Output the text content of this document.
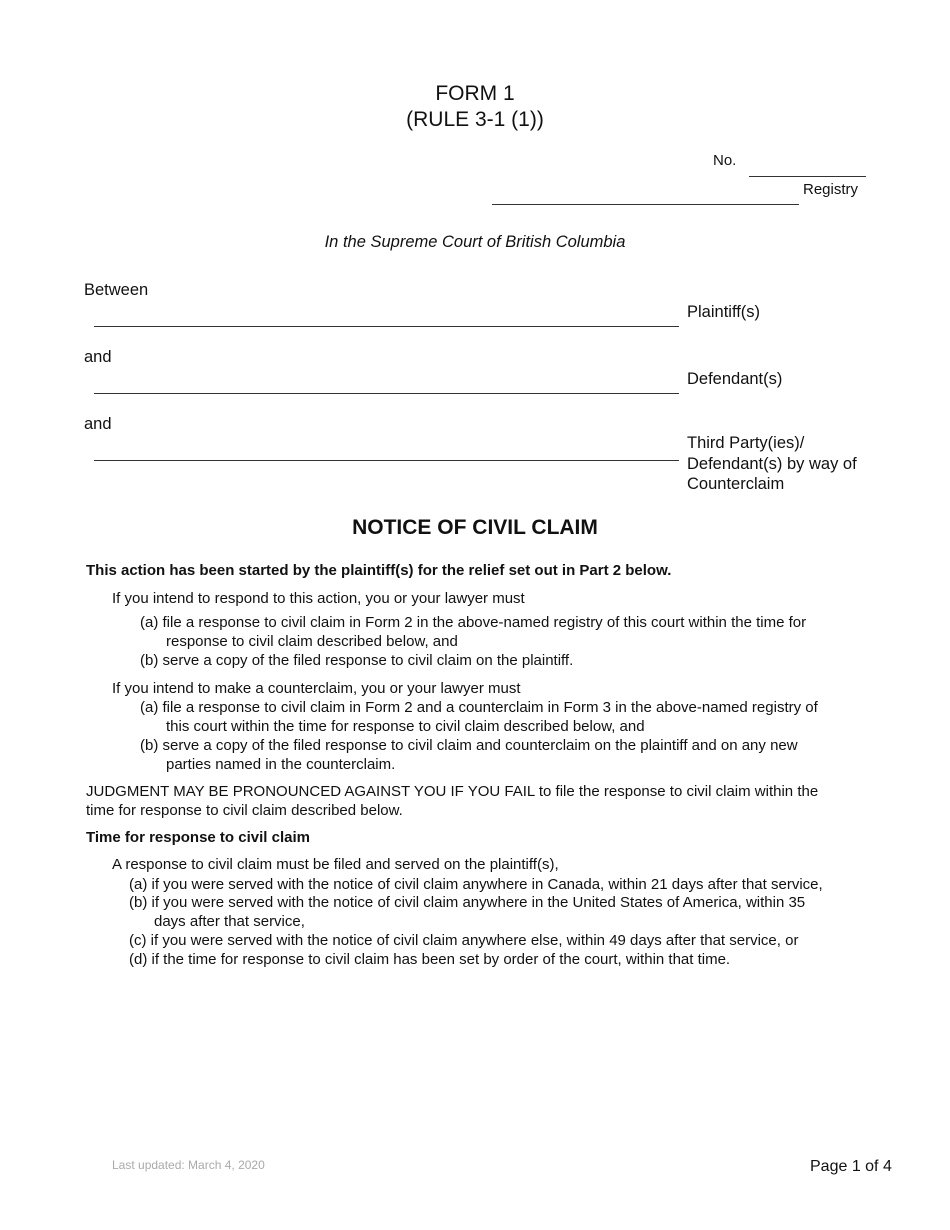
FORM 1
(RULE 3-1 (1))
No.
Registry
In the Supreme Court of British Columbia
Between
Plaintiff(s)
and
Defendant(s)
and
Third Party(ies)/
Defendant(s) by way of
Counterclaim
NOTICE OF CIVIL CLAIM
This action has been started by the plaintiff(s) for the relief set out in Part 2 below.
If you intend to respond to this action, you or your lawyer must
(a) file a response to civil claim in Form 2 in the above-named registry of this court within the time for
response to civil claim described below, and
(b) serve a copy of the filed response to civil claim on the plaintiff.
If you intend to make a counterclaim, you or your lawyer must
(a) file a response to civil claim in Form 2 and a counterclaim in Form 3 in the above-named registry of
this court within the time for response to civil claim described below, and
(b) serve a copy of the filed response to civil claim and counterclaim on the plaintiff and on any new
parties named in the counterclaim.
JUDGMENT MAY BE PRONOUNCED AGAINST YOU IF YOU FAIL to file the response to civil claim within the
time for response to civil claim described below.
Time for response to civil claim
A response to civil claim must be filed and served on the plaintiff(s),
(a) if you were served with the notice of civil claim anywhere in Canada, within 21 days after that service,
(b) if you were served with the notice of civil claim anywhere in the United States of America, within 35
days after that service,
(c) if you were served with the notice of civil claim anywhere else, within 49 days after that service, or
(d) if the time for response to civil claim has been set by order of the court, within that time.
Last updated: March 4, 2020	Page 1 of 4
